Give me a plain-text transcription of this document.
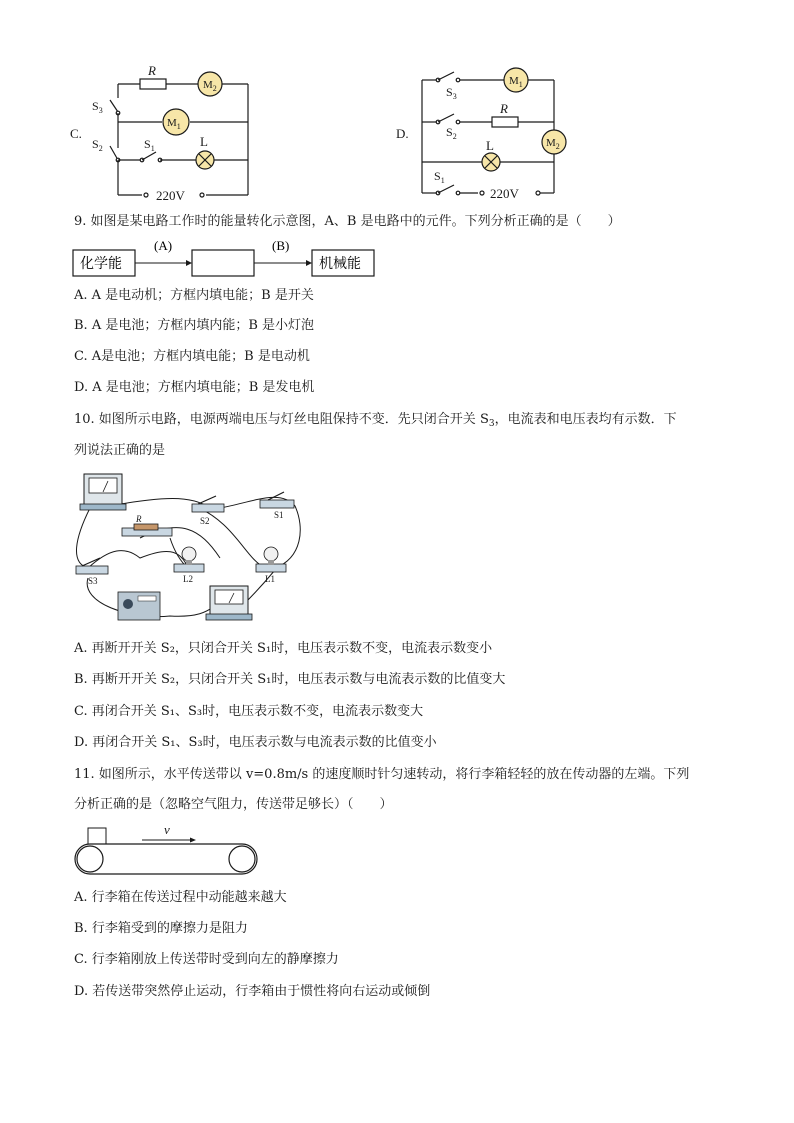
C.
R
$M_2$
$S_3$
$M_1$
$S_2$	$S_1$	L
220V
D.
$S_3$
$M_1$
R
$S_2$
$M_2$
L
$S_1$
220V
9. 如图是某电路工作时的能量转化示意图，A、B 是电路中的元件。下列分析正确的是（　　）
化学能
(A)	(B)
机械能
A. A 是电动机；方框内填电能；B 是开关
B. A 是电池；方框内填内能；B 是小灯泡
C. A是电池；方框内填电能；B 是电动机
D. A 是电池；方框内填电能；B 是发电机
10. 如图所示电路，电源两端电压与灯丝电阻保持不变．先只闭合开关 $S_3$，电流表和电压表均有示数．下
列说法正确的是
R	S2
S1
S3	L2	L1
A. 再断开开关 S₂，只闭合开关 S₁时，电压表示数不变，电流表示数变小
B. 再断开开关 S₂，只闭合开关 S₁时，电压表示数与电流表示数的比值变大
C. 再闭合开关 S₁、S₃时，电压表示数不变，电流表示数变大
D. 再闭合开关 S₁、S₃时，电压表示数与电流表示数的比值变小
11. 如图所示，水平传送带以 v=0.8m/s 的速度顺时针匀速转动，将行李箱轻轻的放在传动器的左端。下列
分析正确的是（忽略空气阻力，传送带足够长）（　　）
v
A. 行李箱在传送过程中动能越来越大
B. 行李箱受到的摩擦力是阻力
C. 行李箱刚放上传送带时受到向左的静摩擦力
D. 若传送带突然停止运动，行李箱由于惯性将向右运动或倾倒
